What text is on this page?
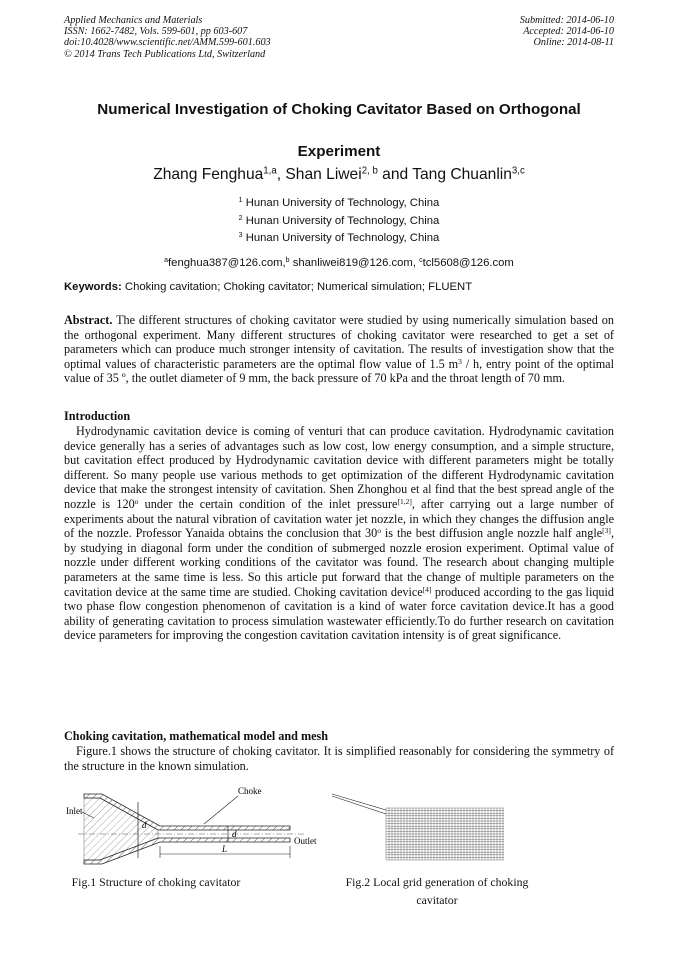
Applied Mechanics and Materials
ISSN: 1662-7482, Vols. 599-601, pp 603-607
doi:10.4028/www.scientific.net/AMM.599-601.603
© 2014 Trans Tech Publications Ltd, Switzerland
Submitted: 2014-06-10
Accepted: 2014-06-10
Online: 2014-08-11
Numerical Investigation of Choking Cavitator Based on Orthogonal Experiment
Zhang Fenghua$^{1,a}$, Shan Liwei$^{2, b}$ and Tang Chuanlin$^{3,c}$
$^1$ Hunan University of Technology, China
$^2$ Hunan University of Technology, China
$^3$ Hunan University of Technology, China
$^a$fenghua387@126.com,$^b$ shanliwei819@126.com, $^c$tcl5608@126.com
Keywords: Choking cavitation; Choking cavitator; Numerical simulation; FLUENT
Abstract. The different structures of choking cavitator were studied by using numerically simulation based on the orthogonal experiment. Many different structures of choking cavitator were researched to get a set of parameters which can produce much stronger intensity of cavitation. The results of investigation show that the optimal values of characteristic parameters are the optimal flow value of 1.5 $m^3$ / h, entry point of the optimal value of 35 º, the outlet diameter of 9 mm, the back pressure of 70 kPa and the throat length of 70 mm.
Introduction
Hydrodynamic cavitation device is coming of venturi that can produce cavitation. Hydrodynamic cavitation device generally has a series of advantages such as low cost, low energy consumption, and a simple structure, but cavitation effect produced by Hydrodynamic cavitation device with different parameters might be totally different. So many people use various methods to get optimization of the different Hydrodynamic cavitation device that make the strongest intensity of cavitation. Shen Zhonghou et al find that the best spread angle of the nozzle is 120$^o$ under the certain condition of the inlet pressure[1,2], after carrying out a large number of experiments about the natural vibration of cavitation water jet nozzle, in which they changes the diffusion angle of the nozzle. Professor Yanaida obtains the conclusion that 30$^o$ is the best diffusion angle nozzle half angle[3], by studying in diagonal form under the condition of submerged nozzle erosion experiment. Optimal value of nozzle under different working conditions of the cavitator was found. The research about changing multiple parameters at the same time is less. So this article put forward that the change of multiple parameters on the cavitation device at the same time are studied. Choking cavitation device[4] produced according to the gas liquid two phase flow congestion phenomenon of cavitation is a kind of water force cavitation device.It has a good ability of generating cavitation to process simulation wastewater efficiently.To do further research on cavitation device parameters for improving the congestion cavitation cavitation intensity is of great significance.
Choking cavitation, mathematical model and mesh
Figure.1 shows the structure of choking cavitator. It is simplified reasonably for considering the symmetry of the structure in the known simulation.
d
d
Inlet
Choke
Outlet
L
Fig.1 Structure of choking cavitator	Fig.2 Local grid generation of choking cavitator
